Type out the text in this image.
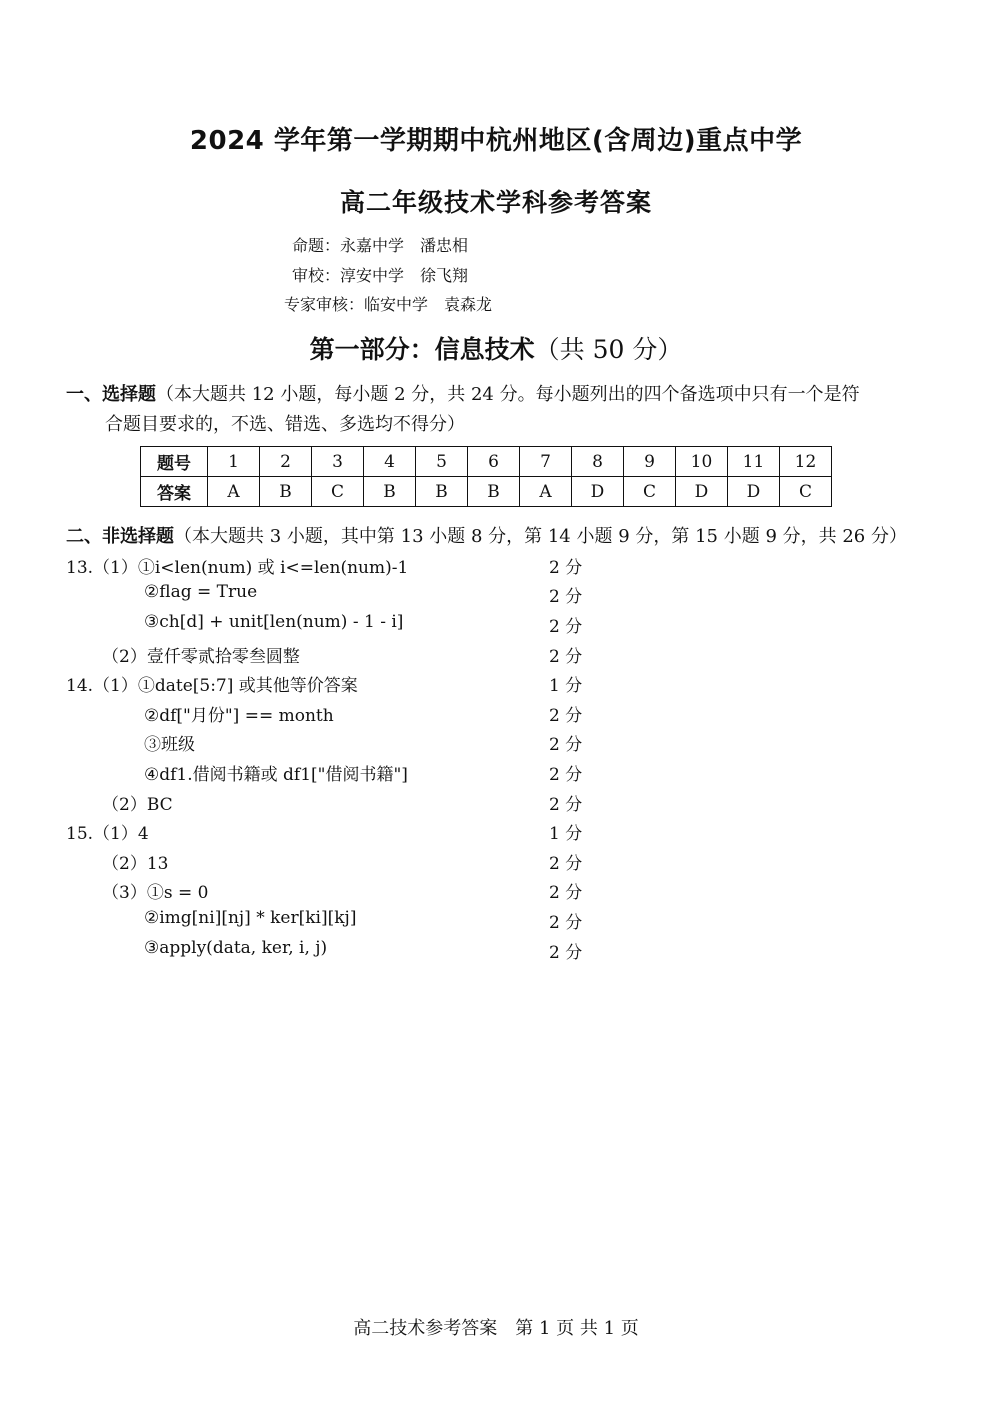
2024 学年第一学期期中杭州地区(含周边)重点中学
高二年级技术学科参考答案
命题：永嘉中学 潘忠相
审校：淳安中学 徐飞翔
专家审核：临安中学 袁森龙
第一部分：信息技术（共 50 分）
一、选择题（本大题共 12 小题，每小题 2 分，共 24 分。每小题列出的四个备选项中只有一个是符
合题目要求的，不选、错选、多选均不得分）
题号	1	2	3	4	5	6	7	8	9	10	11	12
答案	A	B	C	B	B	B	A	D	C	D	D	C
二、非选择题（本大题共 3 小题，其中第 13 小题 8 分，第 14 小题 9 分，第 15 小题 9 分，共 26 分）
13.（1）①i<len(num) 或 i<=len(num)-1	2 分
②flag = True	2 分
③ch[d] + unit[len(num) - 1 - i]	2 分
（2）壹仟零贰拾零叁圆整	2 分
14.（1）①date[5:7] 或其他等价答案	1 分
②df["月份"] == month	2 分
③班级	2 分
④df1.借阅书籍或 df1["借阅书籍"]	2 分
（2）BC	2 分
15.（1）4	1 分
（2）13	2 分
（3）①s = 0	2 分
②img[ni][nj] * ker[ki][kj]	2 分
③apply(data, ker, i, j)	2 分
高二技术参考答案　第 1 页 共 1 页
